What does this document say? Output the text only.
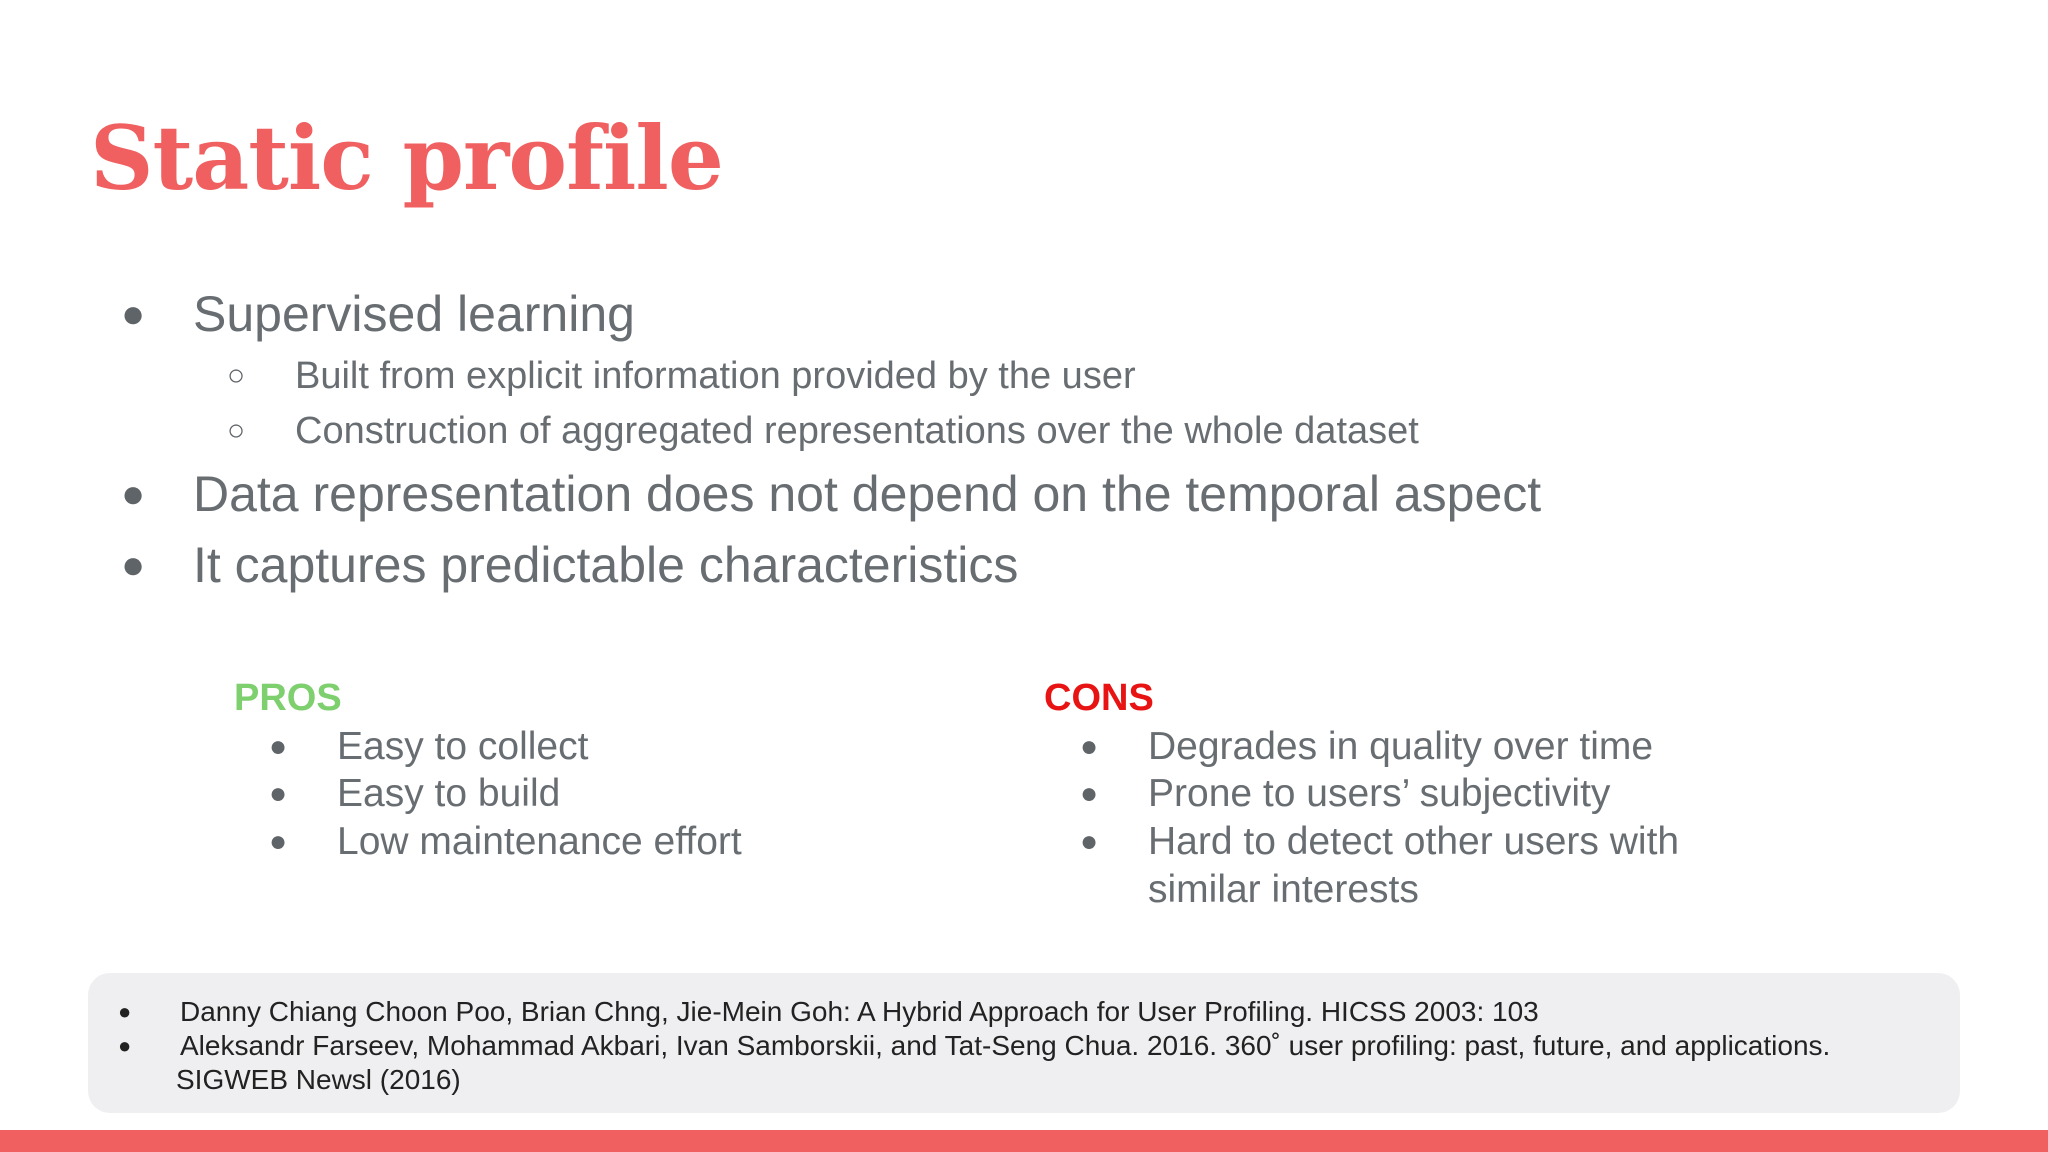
Static profile
● Supervised learning
○ Built from explicit information provided by the user
○ Construction of aggregated representations over the whole dataset
● Data representation does not depend on the temporal aspect
● It captures predictable characteristics
PROS
● Easy to collect
● Easy to build
● Low maintenance effort
CONS
● Degrades in quality over time
● Prone to users’ subjectivity
● Hard to detect other users with
similar interests
● Danny Chiang Choon Poo, Brian Chng, Jie-Mein Goh: A Hybrid Approach for User Profiling. HICSS 2003: 103
● Aleksandr Farseev, Mohammad Akbari, Ivan Samborskii, and Tat-Seng Chua. 2016. 360˚ user profiling: past, future, and applications.
SIGWEB Newsl (2016)
